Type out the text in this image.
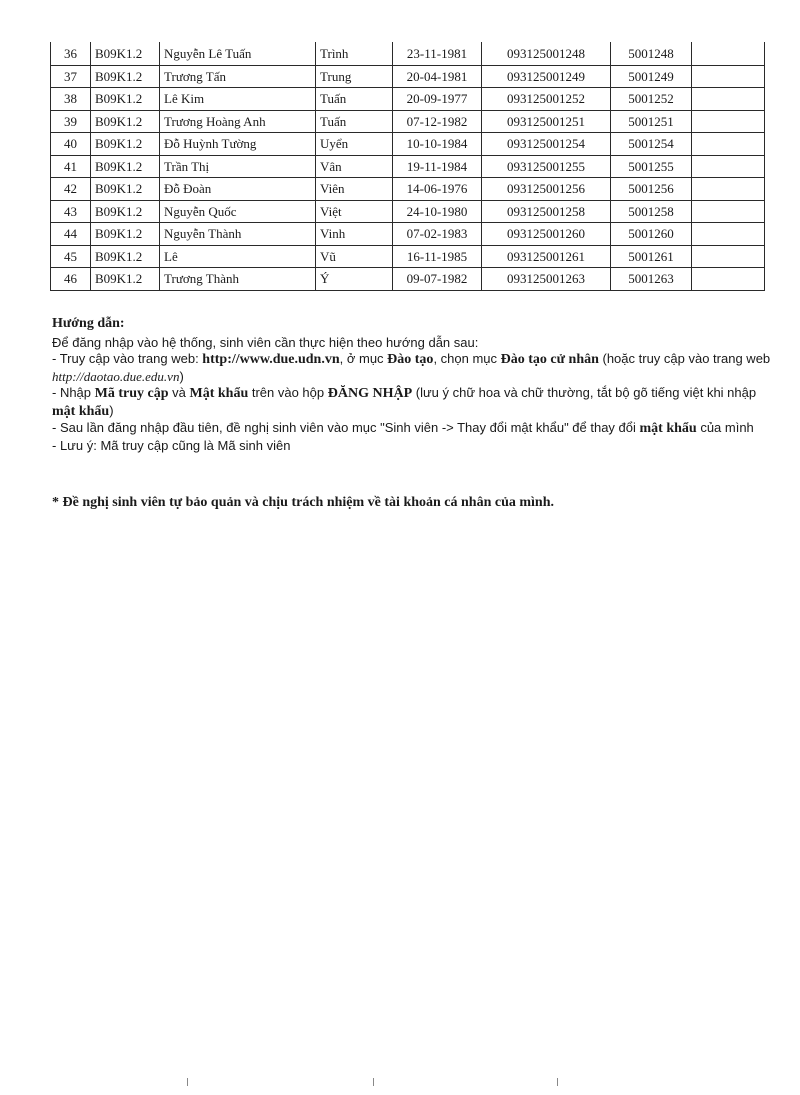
36	B09K1.2	Nguyễn Lê Tuấn	Trình	23-11-1981	093125001248	5001248	
37	B09K1.2	Trương Tấn	Trung	20-04-1981	093125001249	5001249	
38	B09K1.2	Lê Kim	Tuấn	20-09-1977	093125001252	5001252	
39	B09K1.2	Trương Hoàng Anh	Tuấn	07-12-1982	093125001251	5001251	
40	B09K1.2	Đỗ Huỳnh Tường	Uyển	10-10-1984	093125001254	5001254	
41	B09K1.2	Trần Thị	Vân	19-11-1984	093125001255	5001255	
42	B09K1.2	Đỗ Đoàn	Viên	14-06-1976	093125001256	5001256	
43	B09K1.2	Nguyễn Quốc	Việt	24-10-1980	093125001258	5001258	
44	B09K1.2	Nguyễn Thành	Vinh	07-02-1983	093125001260	5001260	
45	B09K1.2	Lê	Vũ	16-11-1985	093125001261	5001261	
46	B09K1.2	Trương Thành	Ý	09-07-1982	093125001263	5001263	
Hướng dẫn:

Để đăng nhập vào hệ thống, sinh viên cần thực hiện theo hướng dẫn sau:

- Truy cập vào trang web: http://www.due.udn.vn, ở mục Đào tạo, chọn mục Đào tạo cử nhân (hoặc truy cập vào trang web http://daotao.due.edu.vn)

- Nhập Mã truy cập và Mật khẩu trên vào hộp ĐĂNG NHẬP (lưu ý chữ hoa và chữ thường, tắt bộ gõ tiếng việt khi nhập mật khẩu)

- Sau lần đăng nhập đầu tiên, đề nghị sinh viên vào mục "Sinh viên -> Thay đổi mật khẩu" để thay đổi mật khẩu của mình

- Lưu ý: Mã truy cập cũng là Mã sinh viên

* Đề nghị sinh viên tự bảo quản và chịu trách nhiệm về tài khoản cá nhân của mình.
